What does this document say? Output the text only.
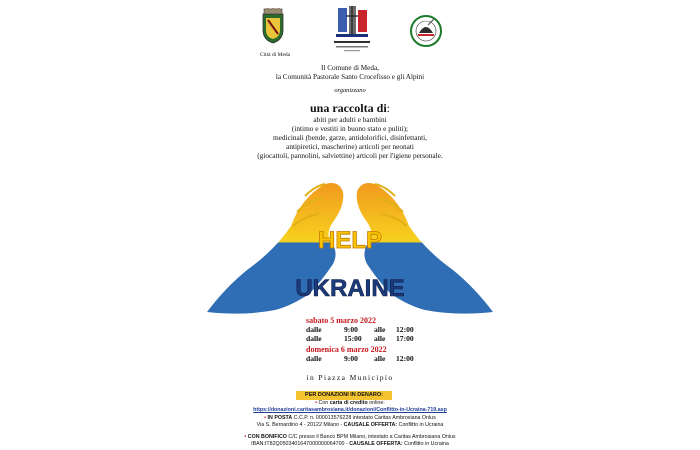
Città di Meda
Il Comune di Meda,
la Comunità Pastorale Santo Crocefisso e gli Alpini
organizzano
una raccolta di:
abiti per adulti e bambini
(intimo e vestiti in buono stato e puliti);
medicinali (bende, garze, antidolorifici, disinfettanti,
antipiretici, mascherine) articoli per neonati
(giocattoli, pannolini, salviettine) articoli per l'igiene personale.
HELP
UKRAINE
sabato 5 marzo 2022
dalle	9:00	alle	12:00
dalle	15:00	alle	17:00
domenica 6 marzo 2022
dalle	9:00	alle	12:00
in Piazza Municipio
PER DONAZIONI IN DENARO:
• Con carta di credito online:
https://donazioni.caritasambrosiana.it/donazioni/Conflitto-in-Ucraina-719.asp
• IN POSTA C.C.P. n. 000013576228 intestato Caritas Ambrosiana Onlus
Via S. Bernardino 4 - 20122 Milano - CAUSALE OFFERTA: Conflitto in Ucraina
• CON BONIFICO C/C presso il Banco BPM Milano, intestato a Caritas Ambrosiana Onlus
IBAN:IT82Q0503401647000000064700 - CAUSALE OFFERTA: Conflitto in Ucraina
